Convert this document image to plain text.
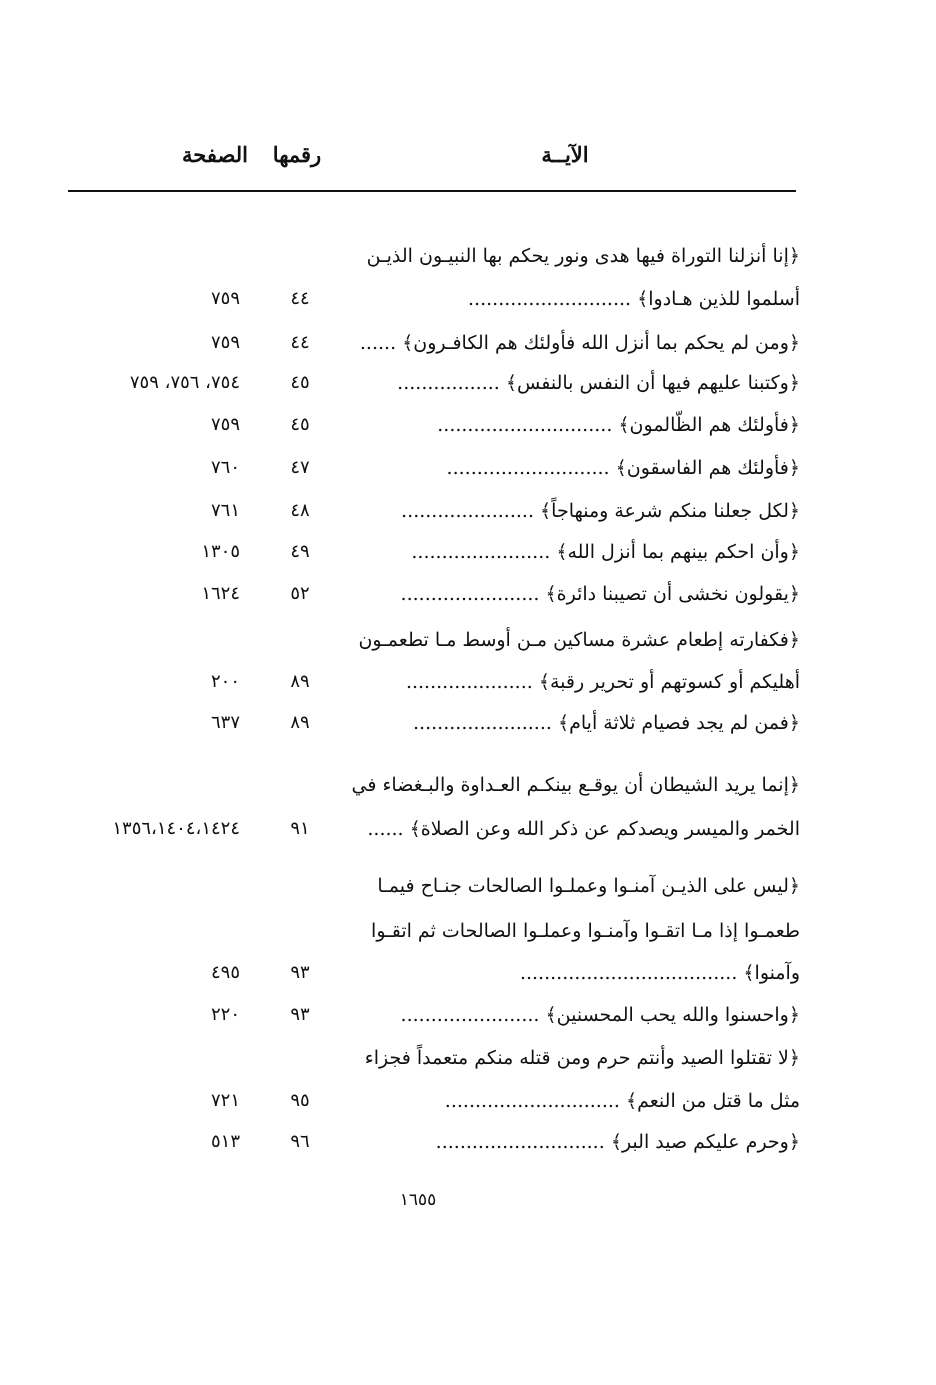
الآيــة
رقمها
الصفحة
﴿إنا أنزلنا التوراة فيها هدى ونور يحكم بها النبيـون الذيـن
أسلموا للذين هـادوا﴾ ...........................
٤٤
٧٥٩
﴿ومن لم يحكم بما أنزل الله فأولئك هم الكافـرون﴾ ......
٤٤
٧٥٩
﴿وكتبنا عليهم فيها أن النفس بالنفس﴾ .................
٤٥
٧٥٤، ٧٥٦، ٧٥٩
﴿فأولئك هم الظّالمون﴾ .............................
٤٥
٧٥٩
﴿فأولئك هم الفاسقون﴾ ...........................
٤٧
٧٦٠
﴿لكل جعلنا منكم شرعة ومنهاجاً﴾ ......................
٤٨
٧٦١
﴿وأن احكم بينهم بما أنزل الله﴾ .......................
٤٩
١٣٠٥
﴿يقولون نخشى أن تصيبنا دائرة﴾ .......................
٥٢
١٦٢٤
﴿فكفارته إطعام عشرة مساكين مـن أوسط مـا تطعمـون
أهليكم أو كسوتهم أو تحرير رقبة﴾ .....................
٨٩
٢٠٠
﴿فمن لم يجد فصيام ثلاثة أيام﴾ .......................
٨٩
٦٣٧
﴿إنما يريد الشيطان أن يوقـع بينكـم العـداوة والبـغضاء في
الخمر والميسر ويصدكم عن ذكر الله وعن الصلاة﴾ ......
٩١
١٣٥٦،١٤٠٤،١٤٢٤
﴿ليس على الذيـن آمنـوا وعملـوا الصالحات جنـاح فيمـا
طعمـوا إذا مـا اتقـوا وآمنـوا وعملـوا الصالحات ثم اتقـوا
وآمنوا﴾ ....................................
٩٣
٤٩٥
﴿واحسنوا والله يحب المحسنين﴾ .......................
٩٣
٢٢٠
﴿لا تقتلوا الصيد وأنتم حرم ومن قتله منكم متعمداً فجزاء
مثل ما قتل من النعم﴾ .............................
٩٥
٧٢١
﴿وحرم عليكم صيد البر﴾ ............................
٩٦
٥١٣
١٦٥٥
